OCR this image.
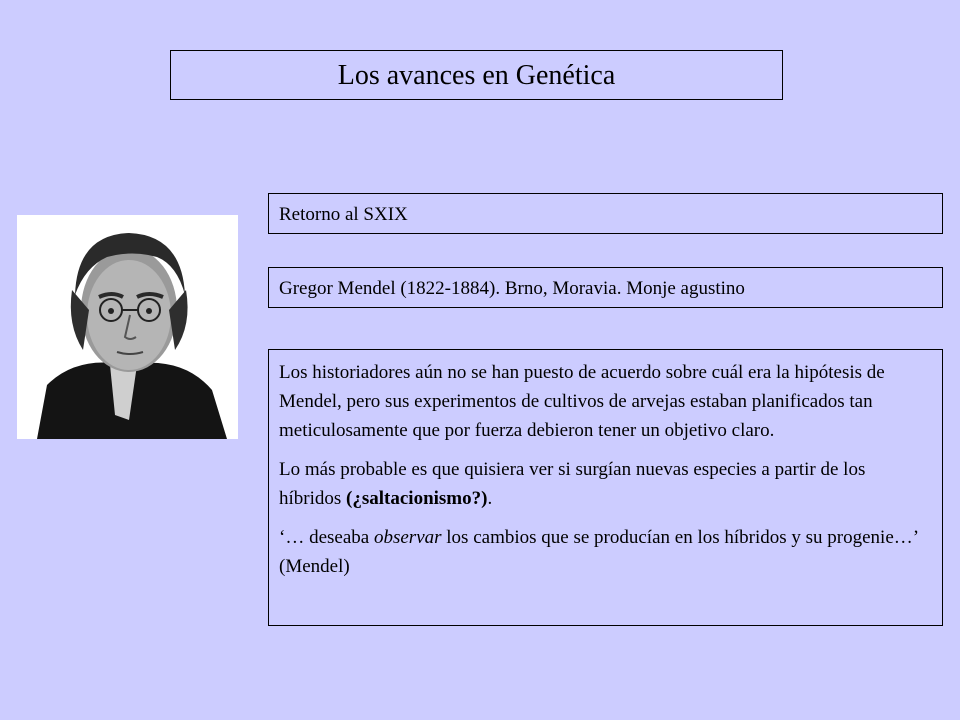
Los avances en Genética
Retorno al SXIX
Gregor Mendel (1822-1884). Brno, Moravia. Monje agustino

Los historiadores aún no se han puesto de acuerdo sobre cuál era la hipótesis de Mendel, pero sus experimentos de cultivos de arvejas estaban planificados tan meticulosamente que por fuerza debieron tener un objetivo claro.

Lo más probable es que quisiera ver si surgían nuevas especies a partir de los híbridos (¿saltacionismo?).

‘… deseaba observar los cambios que se producían en los híbridos y su progenie…’ (Mendel)
